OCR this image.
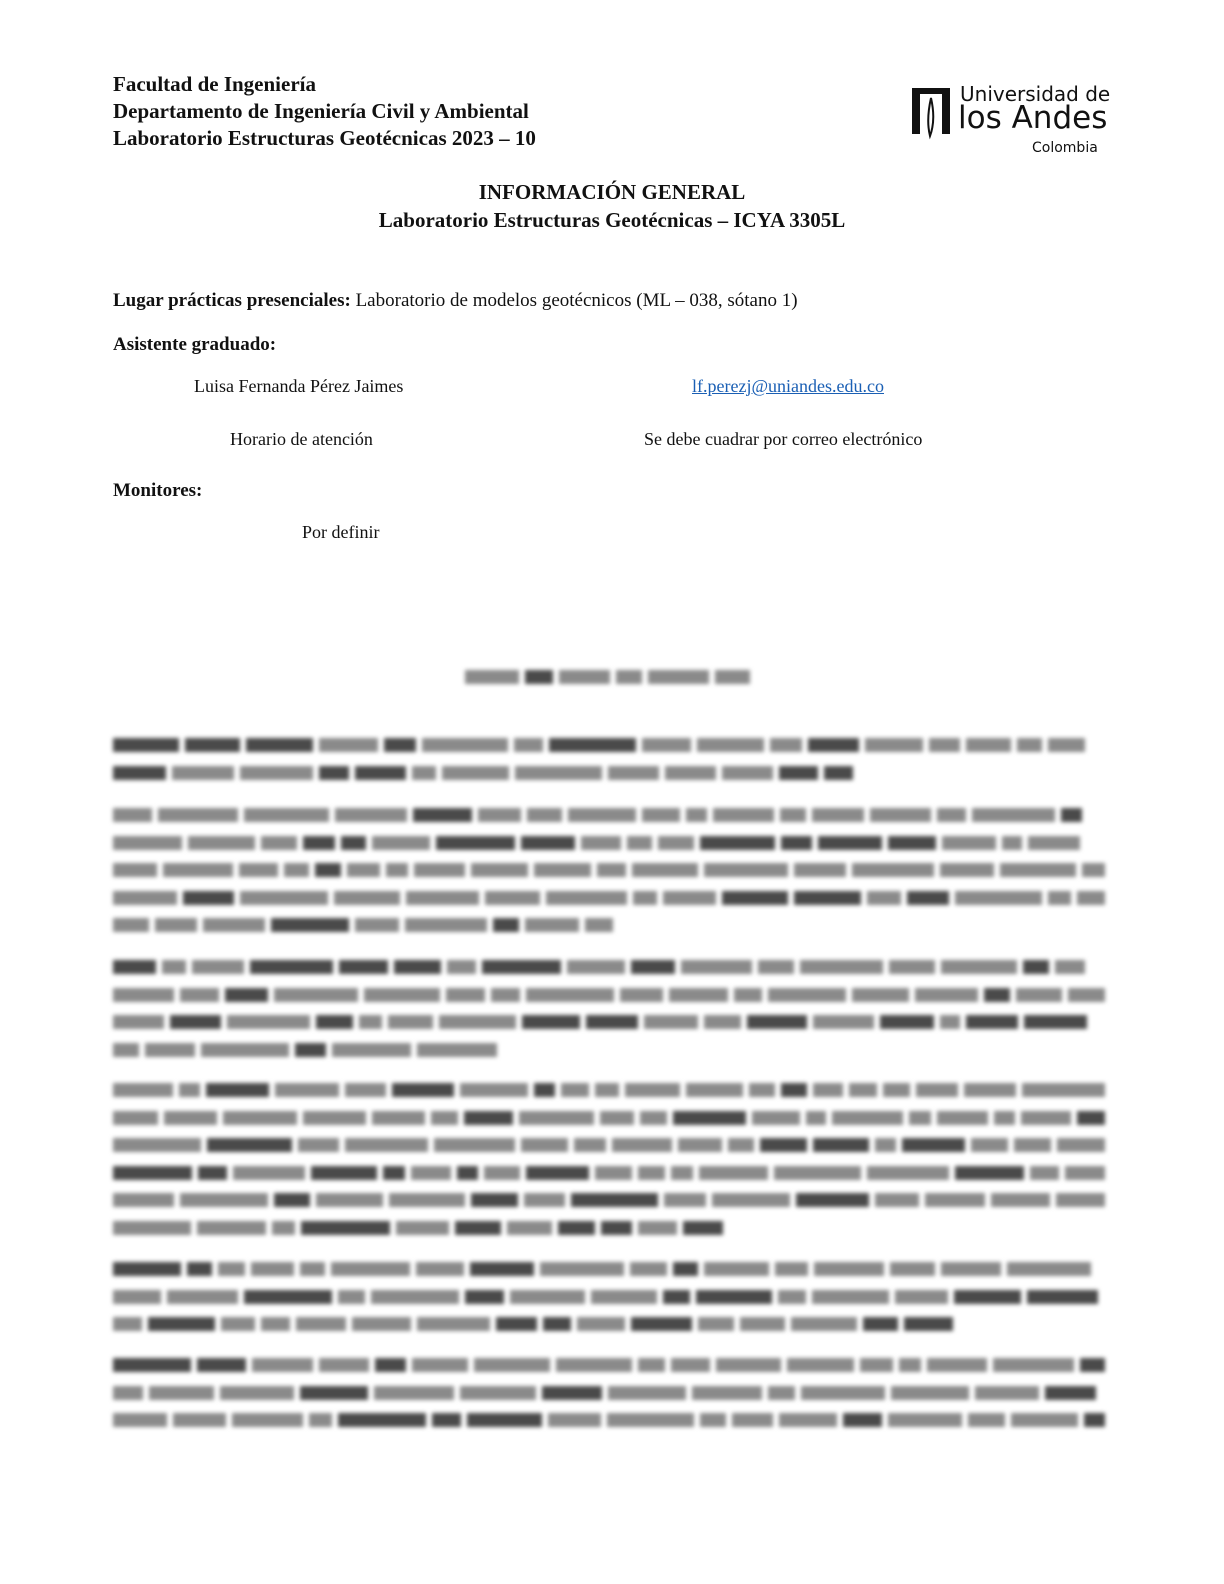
Facultad de Ingeniería
Departamento de Ingeniería Civil y Ambiental
Laboratorio Estructuras Geotécnicas 2023 – 10
Universidad de
los Andes
Colombia
INFORMACIÓN GENERAL
Laboratorio Estructuras Geotécnicas – ICYA 3305L
Lugar prácticas presenciales: Laboratorio de modelos geotécnicos (ML – 038, sótano 1)
Asistente graduado:
Luisa Fernanda Pérez Jaimes	lf.perezj@uniandes.edu.co
Horario de atención	Se debe cuadrar por correo electrónico
Monitores:
Por definir
